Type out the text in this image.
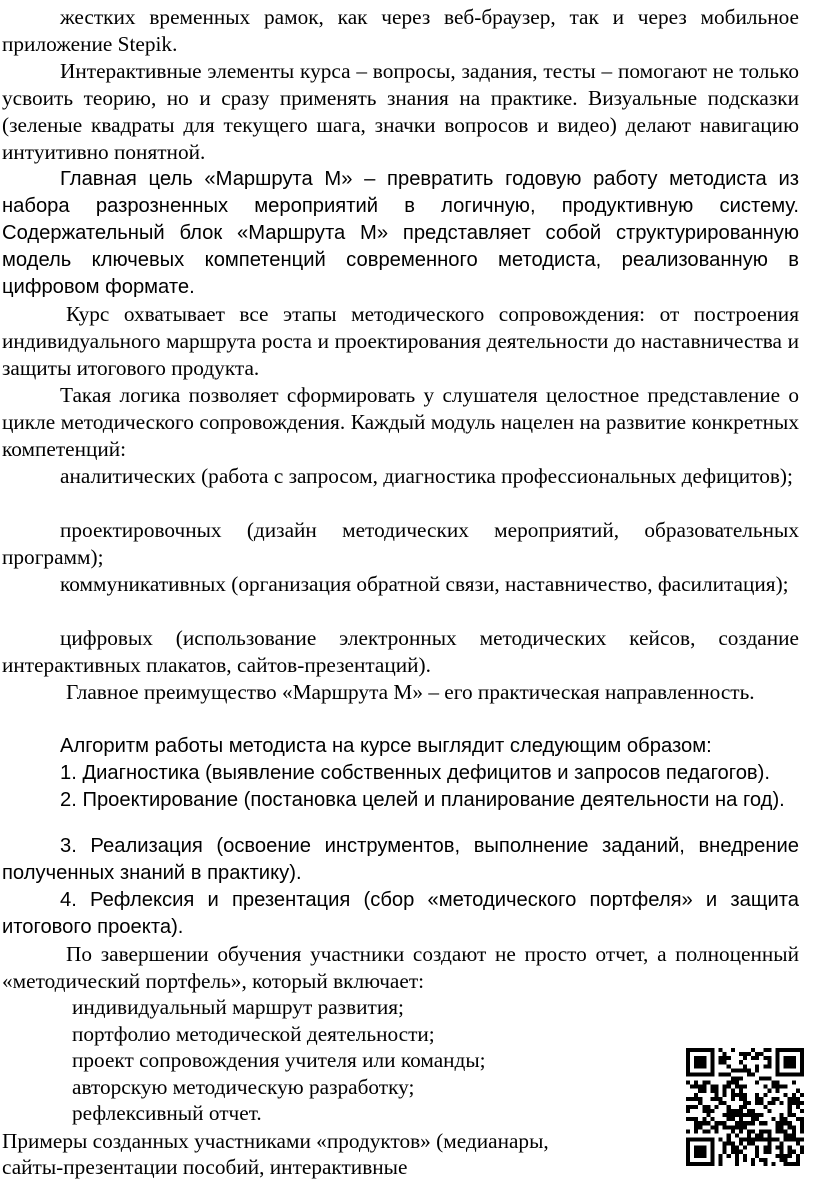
жестких временных рамок, как через веб-браузер, так и через мобильное приложение Stepik.

Интерактивные элементы курса – вопросы, задания, тесты – помогают не только усвоить теорию, но и сразу применять знания на практике. Визуальные подсказки (зеленые квадраты для текущего шага, значки вопросов и видео) делают навигацию интуитивно понятной.

Главная цель «Маршрута М» – превратить годовую работу методиста из набора разрозненных мероприятий в логичную, продуктивную систему. Содержательный блок «Маршрута М» представляет собой структурированную модель ключевых компетенций современного методиста, реализованную в цифровом формате.

Курс охватывает все этапы методического сопровождения: от построения индивидуального маршрута роста и проектирования деятельности до наставничества и защиты итогового продукта.

Такая логика позволяет сформировать у слушателя целостное представление о цикле методического сопровождения. Каждый модуль нацелен на развитие конкретных компетенций:

аналитических (работа с запросом, диагностика профессиональных дефицитов);

проектировочных (дизайн методических мероприятий, образовательных программ);

коммуникативных (организация обратной связи, наставничество, фасилитация);

цифровых (использование электронных методических кейсов, создание интерактивных плакатов, сайтов-презентаций).

Главное преимущество «Маршрута М» – его практическая направленность.

Алгоритм работы методиста на курсе выглядит следующим образом:

1. Диагностика (выявление собственных дефицитов и запросов педагогов).

2. Проектирование (постановка целей и планирование деятельности на год).

3. Реализация (освоение инструментов, выполнение заданий, внедрение полученных знаний в практику).

4. Рефлексия и презентация (сбор «методического портфеля» и защита итогового проекта).

По завершении обучения участники создают не просто отчет, а полноценный «методический портфель», который включает:

индивидуальный маршрут развития;
портфолио методической деятельности;
проект сопровождения учителя или команды;
авторскую методическую разработку;
рефлексивный отчет.
Примеры созданных участниками «продуктов» (медианары,
сайты-презентации пособий, интерактивные
